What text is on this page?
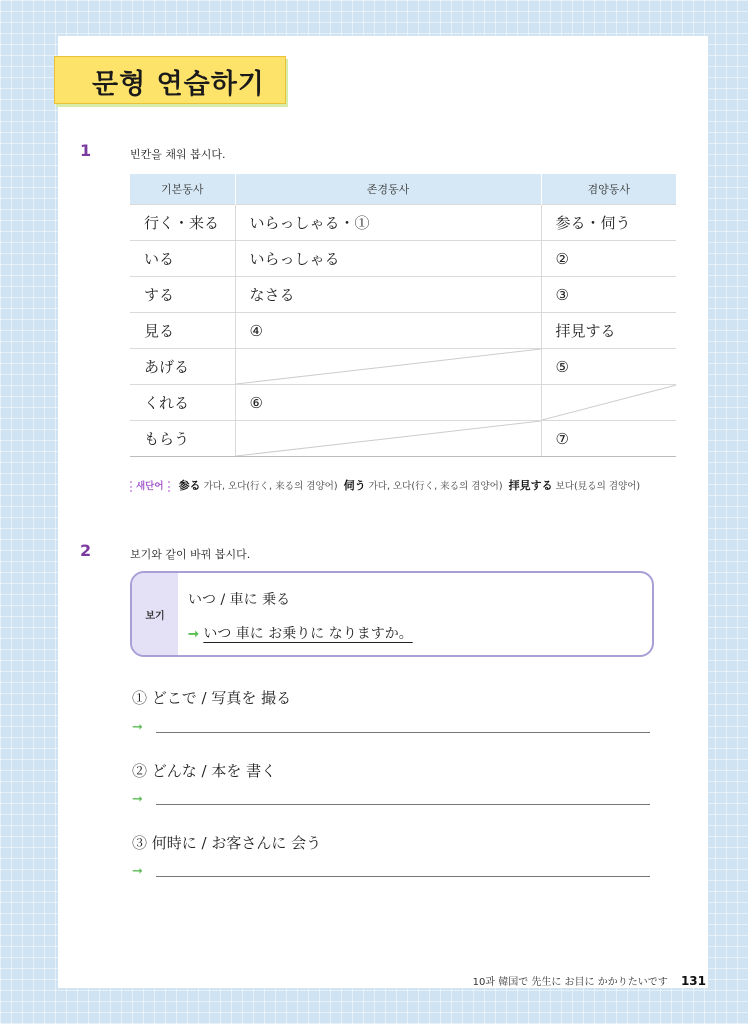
문형 연습하기
1	빈칸을 채워 봅시다.
기본동사	존경동사	겸양동사
行く・来る	いらっしゃる・①	参る・伺う
いる	いらっしゃる	②
する	なさる	③
見る	④	拝見する
あげる		⑤
くれる	⑥	

もらう		⑦
새단어 参る 가다, 오다(行く, 来る의 겸양어) 伺う 가다, 오다(行く, 来る의 겸양어) 拝見する 보다(見る의 겸양어)
2	보기와 같이 바꿔 봅시다.
보기
いつ / 車に 乗る
➞ いつ 車に お乗りに なりますか。
① どこで / 写真を 撮る
➞
② どんな / 本を 書く
➞
③ 何時に / お客さんに 会う
➞
10과 韓国で 先生に お目に かかりたいです 131
